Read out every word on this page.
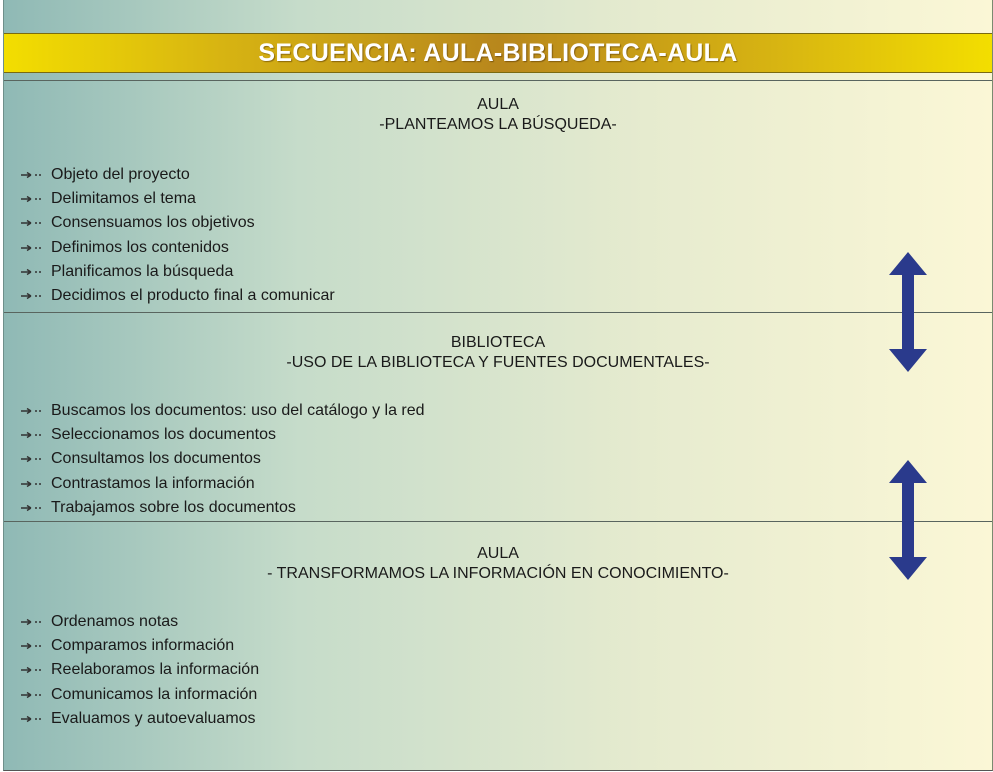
SECUENCIA: AULA-BIBLIOTECA-AULA
AULA
-PLANTEAMOS LA BÚSQUEDA-
Objeto del proyecto
Delimitamos el tema
Consensuamos los objetivos
Definimos los contenidos
Planificamos la búsqueda
Decidimos el producto final a comunicar
BIBLIOTECA
-USO DE LA BIBLIOTECA Y FUENTES DOCUMENTALES-
Buscamos los documentos: uso del catálogo y la red
Seleccionamos los documentos
Consultamos los documentos
Contrastamos la información
Trabajamos sobre los documentos
AULA
- TRANSFORMAMOS LA INFORMACIÓN EN CONOCIMIENTO-
Ordenamos notas
Comparamos información
Reelaboramos la información
Comunicamos la información
Evaluamos y autoevaluamos
